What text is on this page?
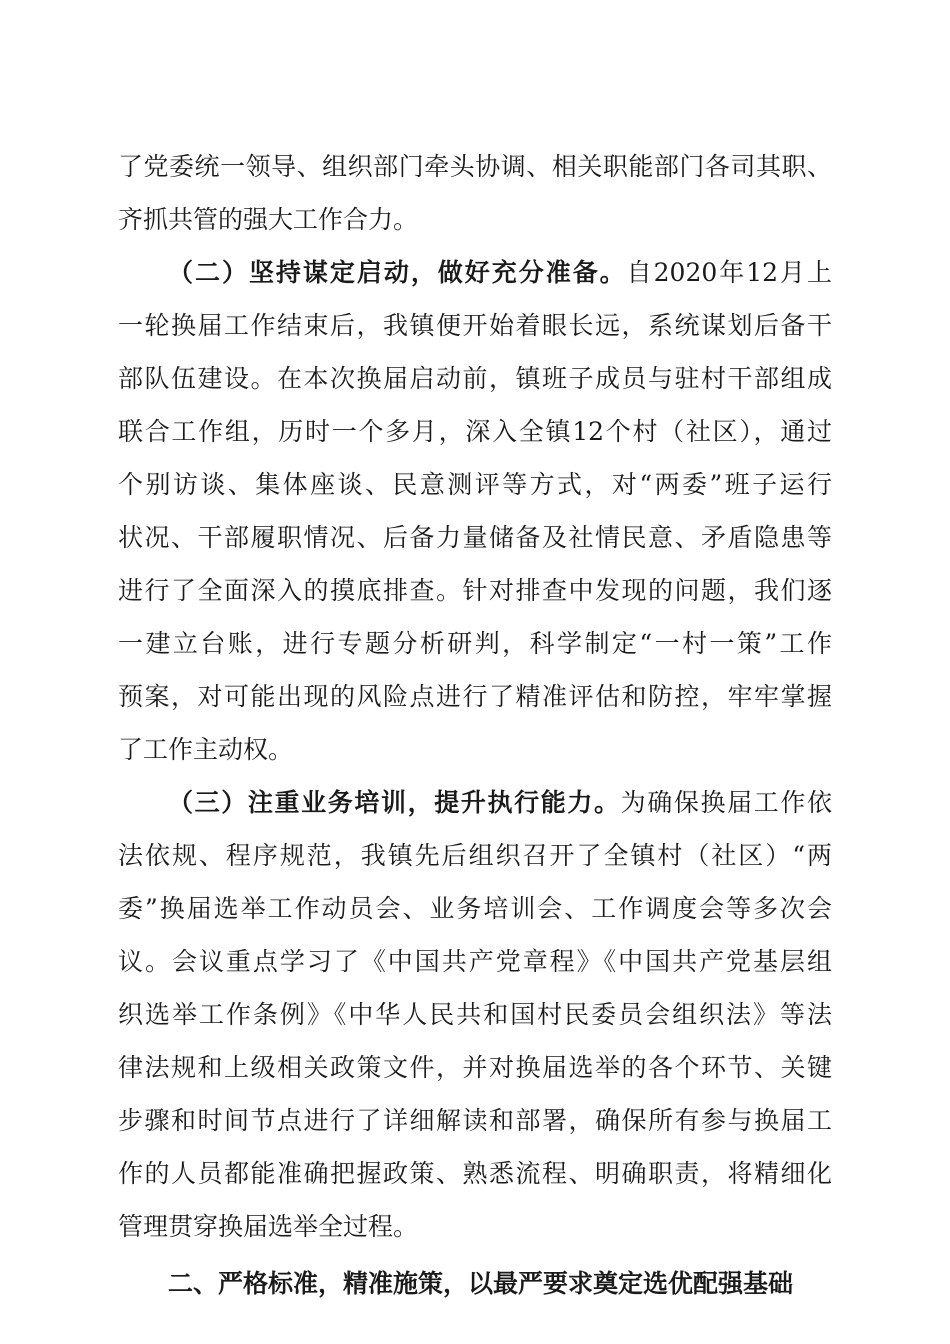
了党委统一领导、组织部门牵头协调、相关职能部门各司其职、
齐抓共管的强大工作合力。
（二）坚持谋定启动，做好充分准备。自2020年12月上
一轮换届工作结束后，我镇便开始着眼长远，系统谋划后备干
部队伍建设。在本次换届启动前，镇班子成员与驻村干部组成
联合工作组，历时一个多月，深入全镇12个村（社区），通过
个别访谈、集体座谈、民意测评等方式，对“两委”班子运行
状况、干部履职情况、后备力量储备及社情民意、矛盾隐患等
进行了全面深入的摸底排查。针对排查中发现的问题，我们逐
一建立台账，进行专题分析研判，科学制定“一村一策”工作
预案，对可能出现的风险点进行了精准评估和防控，牢牢掌握
了工作主动权。
（三）注重业务培训，提升执行能力。为确保换届工作依
法依规、程序规范，我镇先后组织召开了全镇村（社区）“两
委”换届选举工作动员会、业务培训会、工作调度会等多次会
议。会议重点学习了《中国共产党章程》《中国共产党基层组
织选举工作条例》《中华人民共和国村民委员会组织法》等法
律法规和上级相关政策文件，并对换届选举的各个环节、关键
步骤和时间节点进行了详细解读和部署，确保所有参与换届工
作的人员都能准确把握政策、熟悉流程、明确职责，将精细化
管理贯穿换届选举全过程。
二、严格标准，精准施策，以最严要求奠定选优配强基础
